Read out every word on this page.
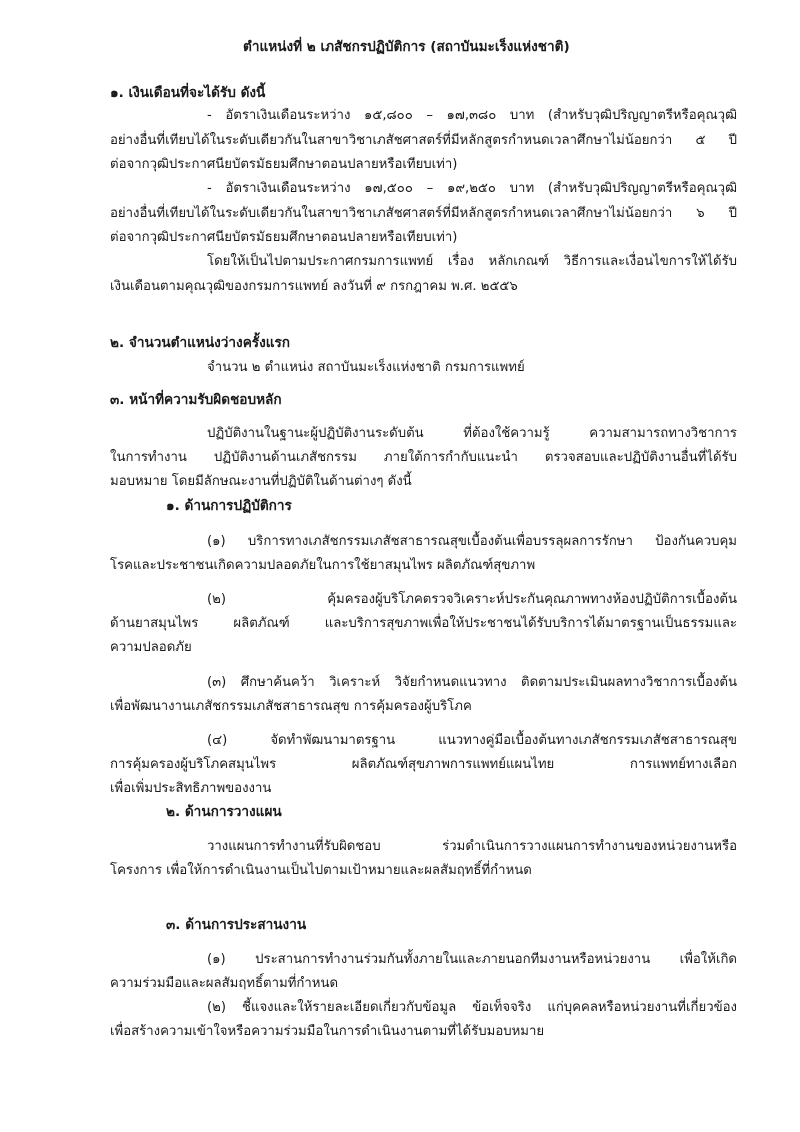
ตำแหน่งที่ ๒ เภสัชกรปฏิบัติการ (สถาบันมะเร็งแห่งชาติ)
๑. เงินเดือนที่จะได้รับ ดังนี้
- อัตราเงินเดือนระหว่าง ๑๕,๘๐๐ – ๑๗,๓๘๐ บาท (สำหรับวุฒิปริญญาตรีหรือคุณวุฒิ
อย่างอื่นที่เทียบได้ในระดับเดียวกันในสาขาวิชาเภสัชศาสตร์ที่มีหลักสูตรกำหนดเวลาศึกษาไม่น้อยกว่า ๕ ปี
ต่อจากวุฒิประกาศนียบัตรมัธยมศึกษาตอนปลายหรือเทียบเท่า)
- อัตราเงินเดือนระหว่าง ๑๗,๕๐๐ – ๑๙,๒๕๐ บาท (สำหรับวุฒิปริญญาตรีหรือคุณวุฒิ
อย่างอื่นที่เทียบได้ในระดับเดียวกันในสาขาวิชาเภสัชศาสตร์ที่มีหลักสูตรกำหนดเวลาศึกษาไม่น้อยกว่า ๖ ปี
ต่อจากวุฒิประกาศนียบัตรมัธยมศึกษาตอนปลายหรือเทียบเท่า)
โดยให้เป็นไปตามประกาศกรมการแพทย์ เรื่อง หลักเกณฑ์ วิธีการและเงื่อนไขการให้ได้รับ
เงินเดือนตามคุณวุฒิของกรมการแพทย์ ลงวันที่ ๙ กรกฎาคม พ.ศ. ๒๕๕๖
๒. จำนวนตำแหน่งว่างครั้งแรก
จำนวน ๒ ตำแหน่ง สถาบันมะเร็งแห่งชาติ กรมการแพทย์
๓. หน้าที่ความรับผิดชอบหลัก
ปฏิบัติงานในฐานะผู้ปฏิบัติงานระดับต้น ที่ต้องใช้ความรู้ ความสามารถทางวิชาการ
ในการทำงาน ปฏิบัติงานด้านเภสัชกรรม ภายใต้การกำกับแนะนำ ตรวจสอบและปฏิบัติงานอื่นที่ได้รับ
มอบหมาย โดยมีลักษณะงานที่ปฏิบัติในด้านต่างๆ ดังนี้
๑. ด้านการปฏิบัติการ
(๑) บริการทางเภสัชกรรมเภสัชสาธารณสุขเบื้องต้นเพื่อบรรลุผลการรักษา ป้องกันควบคุม
โรคและประชาชนเกิดความปลอดภัยในการใช้ยาสมุนไพร ผลิตภัณฑ์สุขภาพ
(๒) คุ้มครองผู้บริโภคตรวจวิเคราะห์ประกันคุณภาพทางห้องปฏิบัติการเบื้องต้น
ด้านยาสมุนไพร ผลิตภัณฑ์ และบริการสุขภาพเพื่อให้ประชาชนได้รับบริการได้มาตรฐานเป็นธรรมและ
ความปลอดภัย
(๓) ศึกษาค้นคว้า วิเคราะห์ วิจัยกำหนดแนวทาง ติดตามประเมินผลทางวิชาการเบื้องต้น
เพื่อพัฒนางานเภสัชกรรมเภสัชสาธารณสุข การคุ้มครองผู้บริโภค
(๔) จัดทำพัฒนามาตรฐาน แนวทางคู่มือเบื้องต้นทางเภสัชกรรมเภสัชสาธารณสุข
การคุ้มครองผู้บริโภคสมุนไพร ผลิตภัณฑ์สุขภาพการแพทย์แผนไทย การแพทย์ทางเลือก
เพื่อเพิ่มประสิทธิภาพของงาน
๒. ด้านการวางแผน
วางแผนการทำงานที่รับผิดชอบ ร่วมดำเนินการวางแผนการทำงานของหน่วยงานหรือ
โครงการ เพื่อให้การดำเนินงานเป็นไปตามเป้าหมายและผลสัมฤทธิ์ที่กำหนด
๓. ด้านการประสานงาน
(๑) ประสานการทำงานร่วมกันทั้งภายในและภายนอกทีมงานหรือหน่วยงาน เพื่อให้เกิด
ความร่วมมือและผลสัมฤทธิ์ตามที่กำหนด
(๒) ชี้แจงและให้รายละเอียดเกี่ยวกับข้อมูล ข้อเท็จจริง แก่บุคคลหรือหน่วยงานที่เกี่ยวข้อง
เพื่อสร้างความเข้าใจหรือความร่วมมือในการดำเนินงานตามที่ได้รับมอบหมาย
